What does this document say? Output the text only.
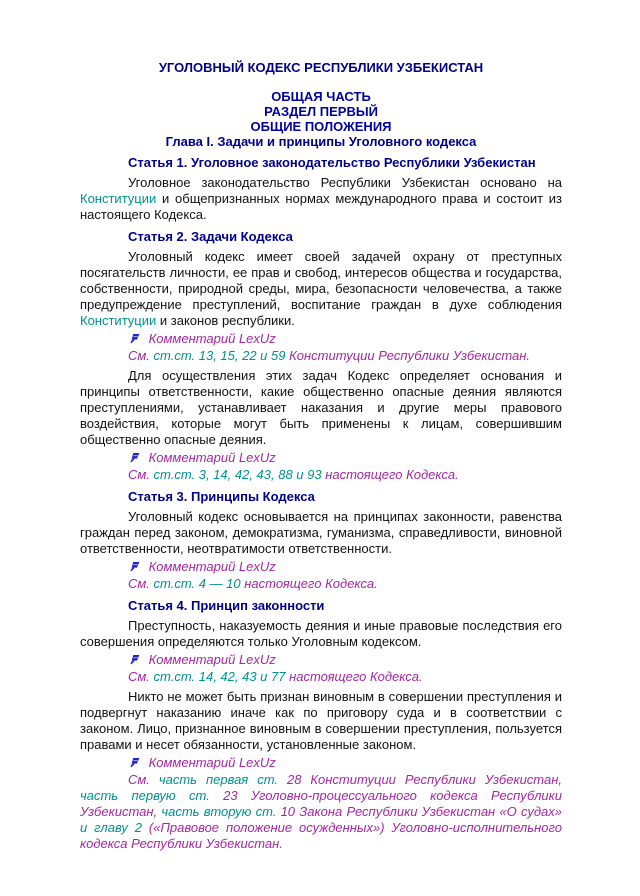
УГОЛОВНЫЙ КОДЕКС РЕСПУБЛИКИ УЗБЕКИСТАН
ОБЩАЯ ЧАСТЬ
РАЗДЕЛ ПЕРВЫЙ
ОБЩИЕ ПОЛОЖЕНИЯ
Глава I. Задачи и принципы Уголовного кодекса
Статья 1. Уголовное законодательство Республики Узбекистан
Уголовное законодательство Республики Узбекистан основано на Конституции и общепризнанных нормах международного права и состоит из настоящего Кодекса.
Статья 2. Задачи Кодекса
Уголовный кодекс имеет своей задачей охрану от преступных посягательств личности, ее прав и свобод, интересов общества и государства, собственности, природной среды, мира, безопасности человечества, а также предупреждение преступлений, воспитание граждан в духе соблюдения Конституции и законов республики.
Комментарий LexUz
См. ст.ст. 13, 15, 22 и 59 Конституции Республики Узбекистан.
Для осуществления этих задач Кодекс определяет основания и принципы ответственности, какие общественно опасные деяния являются преступлениями, устанавливает наказания и другие меры правового воздействия, которые могут быть применены к лицам, совершившим общественно опасные деяния.
Комментарий LexUz
См. ст.ст. 3, 14, 42, 43, 88 и 93 настоящего Кодекса.
Статья 3. Принципы Кодекса
Уголовный кодекс основывается на принципах законности, равенства граждан перед законом, демократизма, гуманизма, справедливости, виновной ответственности, неотвратимости ответственности.
Комментарий LexUz
См. ст.ст. 4 — 10 настоящего Кодекса.
Статья 4. Принцип законности
Преступность, наказуемость деяния и иные правовые последствия его совершения определяются только Уголовным кодексом.
Комментарий LexUz
См. ст.ст. 14, 42, 43 и 77 настоящего Кодекса.
Никто не может быть признан виновным в совершении преступления и подвергнут наказанию иначе как по приговору суда и в соответствии с законом. Лицо, признанное виновным в совершении преступления, пользуется правами и несет обязанности, установленные законом.
Комментарий LexUz
См. часть первая ст. 28 Конституции Республики Узбекистан, часть первую ст. 23 Уголовно-процессуального кодекса Республики Узбекистан, часть вторую ст. 10 Закона Республики Узбекистан «О судах» и главу 2 («Правовое положение осужденных») Уголовно-исполнительного кодекса Республики Узбекистан.
